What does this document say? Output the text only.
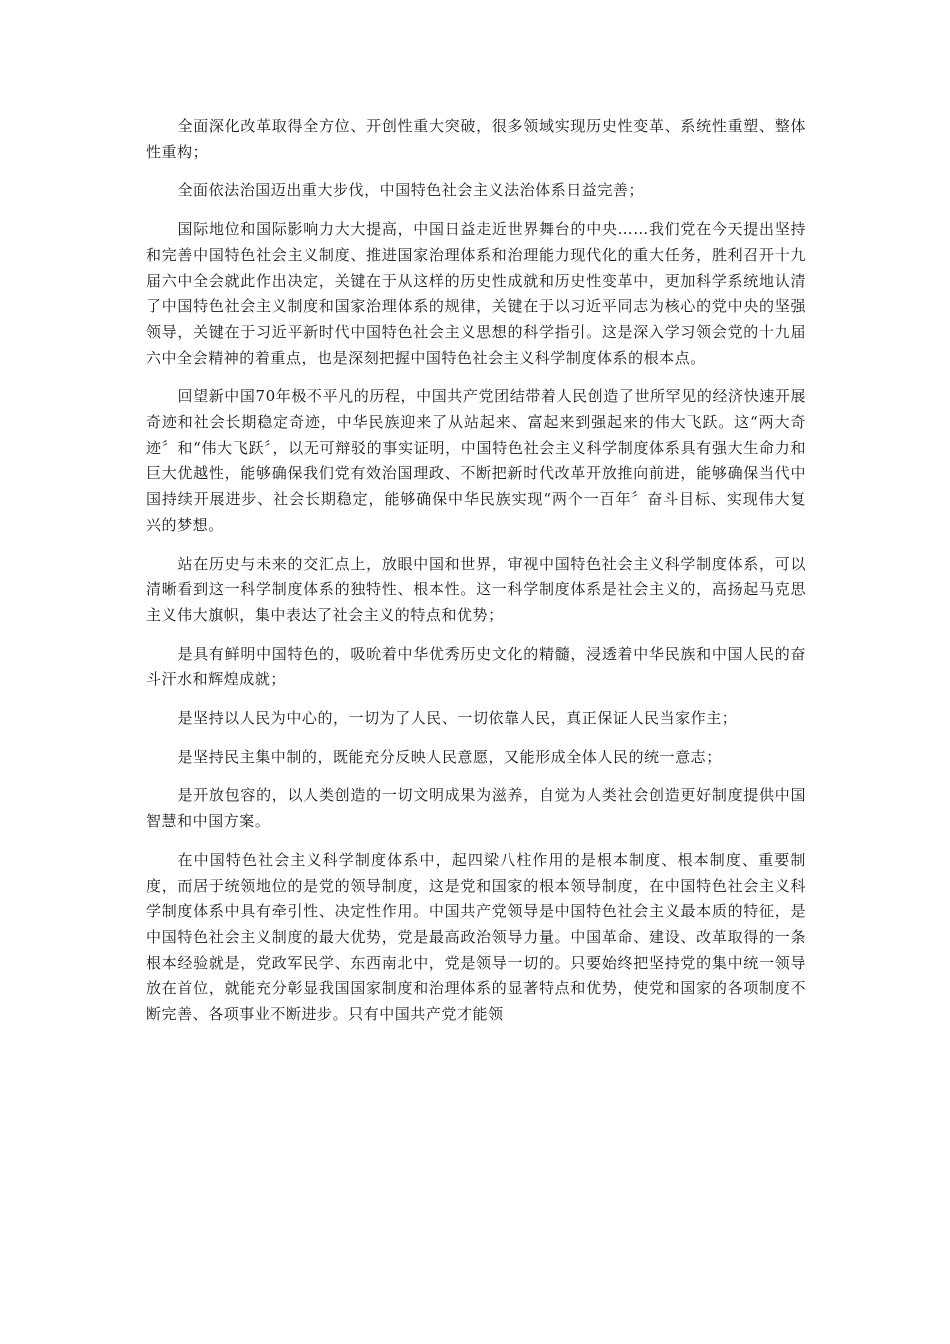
全面深化改革取得全方位、开创性重大突破，很多领域实现历史性变革、系统性重塑、整体性重构；

全面依法治国迈出重大步伐，中国特色社会主义法治体系日益完善；

国际地位和国际影响力大大提高，中国日益走近世界舞台的中央……我们党在今天提出坚持和完善中国特色社会主义制度、推进国家治理体系和治理能力现代化的重大任务，胜利召开十九届六中全会就此作出决定，关键在于从这样的历史性成就和历史性变革中，更加科学系统地认清了中国特色社会主义制度和国家治理体系的规律，关键在于以习近平同志为核心的党中央的坚强领导，关键在于习近平新时代中国特色社会主义思想的科学指引。这是深入学习领会党的十九届六中全会精神的着重点，也是深刻把握中国特色社会主义科学制度体系的根本点。

回望新中国70年极不平凡的历程，中国共产党团结带着人民创造了世所罕见的经济快速开展奇迹和社会长期稳定奇迹，中华民族迎来了从站起来、富起来到强起来的伟大飞跃。这“两大奇迹〞和“伟大飞跃〞，以无可辩驳的事实证明，中国特色社会主义科学制度体系具有强大生命力和巨大优越性，能够确保我们党有效治国理政、不断把新时代改革开放推向前进，能够确保当代中国持续开展进步、社会长期稳定，能够确保中华民族实现“两个一百年〞奋斗目标、实现伟大复兴的梦想。

站在历史与未来的交汇点上，放眼中国和世界，审视中国特色社会主义科学制度体系，可以清晰看到这一科学制度体系的独特性、根本性。这一科学制度体系是社会主义的，高扬起马克思主义伟大旗帜，集中表达了社会主义的特点和优势；

是具有鲜明中国特色的，吸吮着中华优秀历史文化的精髓，浸透着中华民族和中国人民的奋斗汗水和辉煌成就；

是坚持以人民为中心的，一切为了人民、一切依靠人民，真正保证人民当家作主；

是坚持民主集中制的，既能充分反映人民意愿，又能形成全体人民的统一意志；

是开放包容的，以人类创造的一切文明成果为滋养，自觉为人类社会创造更好制度提供中国智慧和中国方案。

在中国特色社会主义科学制度体系中，起四梁八柱作用的是根本制度、根本制度、重要制度，而居于统领地位的是党的领导制度，这是党和国家的根本领导制度，在中国特色社会主义科学制度体系中具有牵引性、决定性作用。中国共产党领导是中国特色社会主义最本质的特征，是中国特色社会主义制度的最大优势，党是最高政治领导力量。中国革命、建设、改革取得的一条根本经验就是，党政军民学、东西南北中，党是领导一切的。只要始终把坚持党的集中统一领导放在首位，就能充分彰显我国国家制度和治理体系的显著特点和优势，使党和国家的各项制度不断完善、各项事业不断进步。只有中国共产党才能领
